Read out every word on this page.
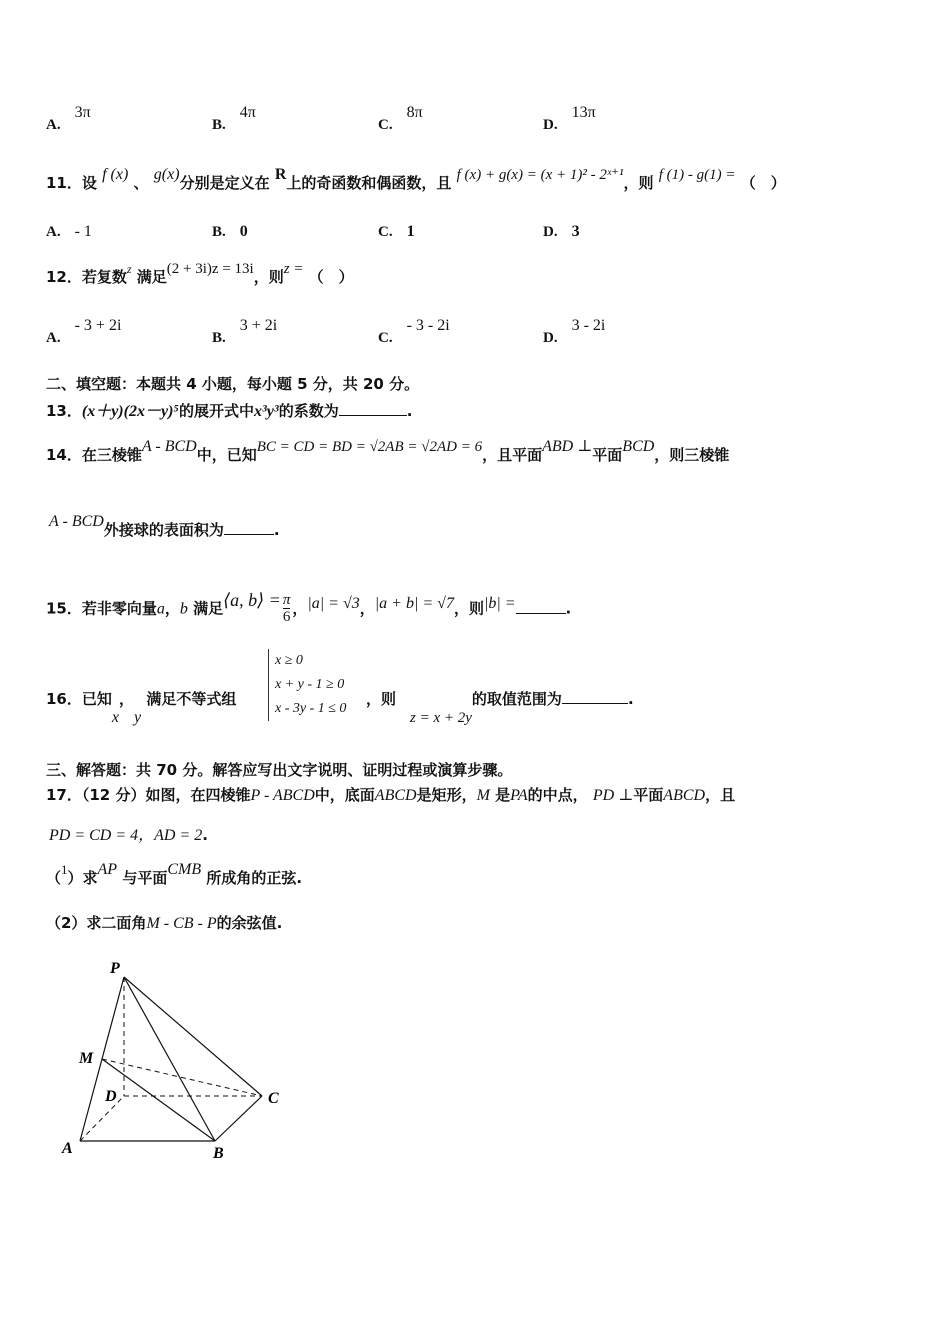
A.3π
B.4π
C.8π
D.13π
11．设 f (x) 、 g(x)分别是定义在 R上的奇函数和偶函数，且 f (x) + g(x) = (x + 1)² - 2ˣ⁺¹，则 f (1) - g(1) = （　）
A. - 1	B. 0	C. 1	D. 3
12．若复数$^z$ 满足(2 + 3i)z = 13i，则z = （　）
A.- 3 + 2i
B.3 + 2i
C.- 3 - 2i
D.3 - 2i
二、填空题：本题共 4 小题，每小题 5 分，共 20 分。
13．(x＋y)(2x－y)⁵的展开式中x³y³的系数为	.
14．在三棱锥A - BCD中，已知BC = CD = BD = √2AB = √2AD = 6，且平面ABD ⊥平面BCD，则三棱锥
A - BCD外接球的表面积为	.
15．若非零向量a，b 满足⟨a, b⟩ = $\frac{\pi}{6}$ ，|a| = √3，|a + b| = √7，则|b| =	.
16．已知x，y 满足不等式组
x ≥ 0
x + y - 1 ≥ 0
x - 3y - 1 ≤ 0
，则z = x + 2y的取值范围为	.
三、解答题：共 70 分。解答应写出文字说明、证明过程或演算步骤。
17．（12 分）如图，在四棱锥P - ABCD中，底面ABCD是矩形，M 是PA的中点， PD ⊥平面ABCD，且
PD = CD = 4，AD = 2.
（1）求AP 与平面CMB 所成角的正弦.
（2）求二面角M - CB - P的余弦值.
P
M
D	C
A	B
